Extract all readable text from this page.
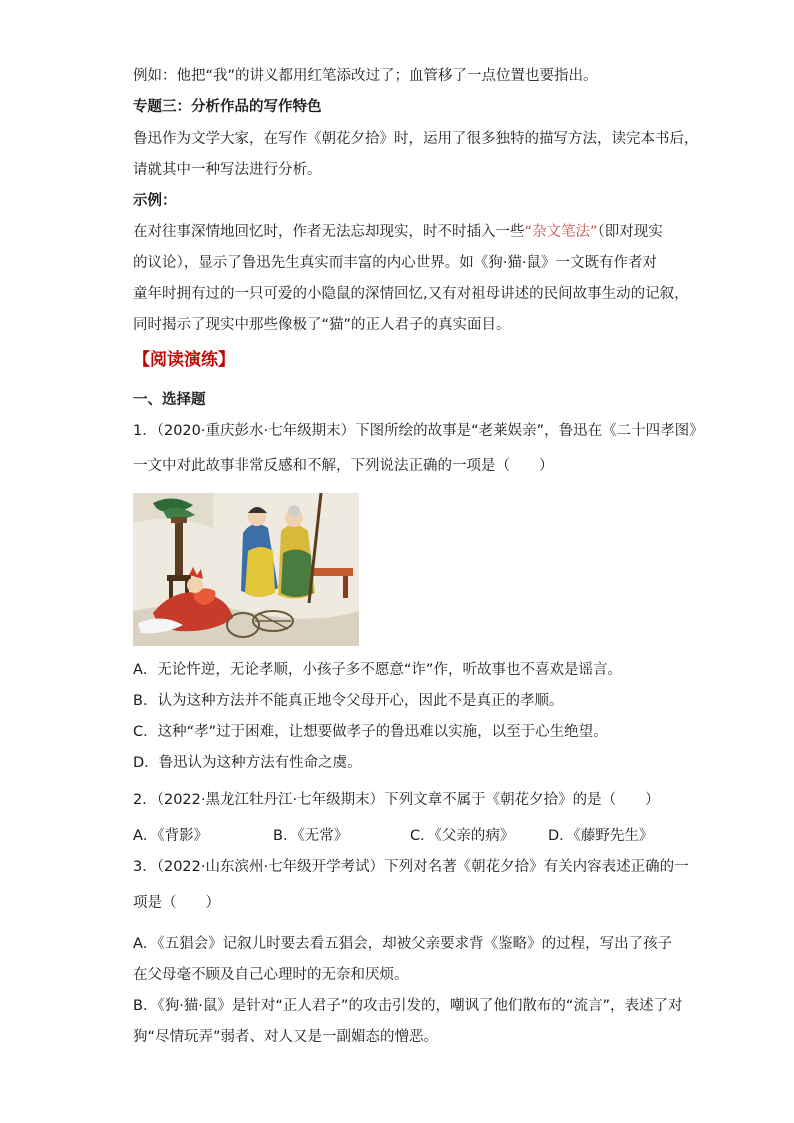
例如：他把“我”的讲义都用红笔添改过了；血管移了一点位置也要指出。
专题三：分析作品的写作特色
鲁迅作为文学大家，在写作《朝花夕拾》时，运用了很多独特的描写方法，读完本书后，
请就其中一种写法进行分析。
示例：
在对往事深情地回忆时，作者无法忘却现实，时不时插入一些“杂文笔法”（即对现实
的议论），显示了鲁迅先生真实而丰富的内心世界。如《狗·猫·鼠》一文既有作者对
童年时拥有过的一只可爱的小隐鼠的深情回忆,又有对祖母讲述的民间故事生动的记叙，
同时揭示了现实中那些像极了“猫”的正人君子的真实面目。
【阅读演练】
一、选择题
1．（2020·重庆彭水·七年级期末）下图所绘的故事是“老莱娱亲”，鲁迅在《二十四孝图》
一文中对此故事非常反感和不解，下列说法正确的一项是（　　）
A．无论忤逆，无论孝顺，小孩子多不愿意“诈”作，听故事也不喜欢是谣言。
B．认为这种方法并不能真正地令父母开心，因此不是真正的孝顺。
C．这种“孝”过于困难，让想要做孝子的鲁迅难以实施，以至于心生绝望。
D．鲁迅认为这种方法有性命之虞。
2．（2022·黑龙江牡丹江·七年级期末）下列文章不属于《朝花夕拾》的是（　　）
A．《背影》	B．《无常》	C．《父亲的病》 D．《藤野先生》
3．（2022·山东滨州·七年级开学考试）下列对名著《朝花夕拾》有关内容表述正确的一
项是（　　）
A．《五猖会》记叙儿时要去看五猖会，却被父亲要求背《鉴略》的过程，写出了孩子
在父母毫不顾及自己心理时的无奈和厌烦。
B．《狗·猫·鼠》是针对“正人君子”的攻击引发的，嘲讽了他们散布的“流言”，表述了对
狗“尽情玩弄”弱者、对人又是一副媚态的憎恶。
